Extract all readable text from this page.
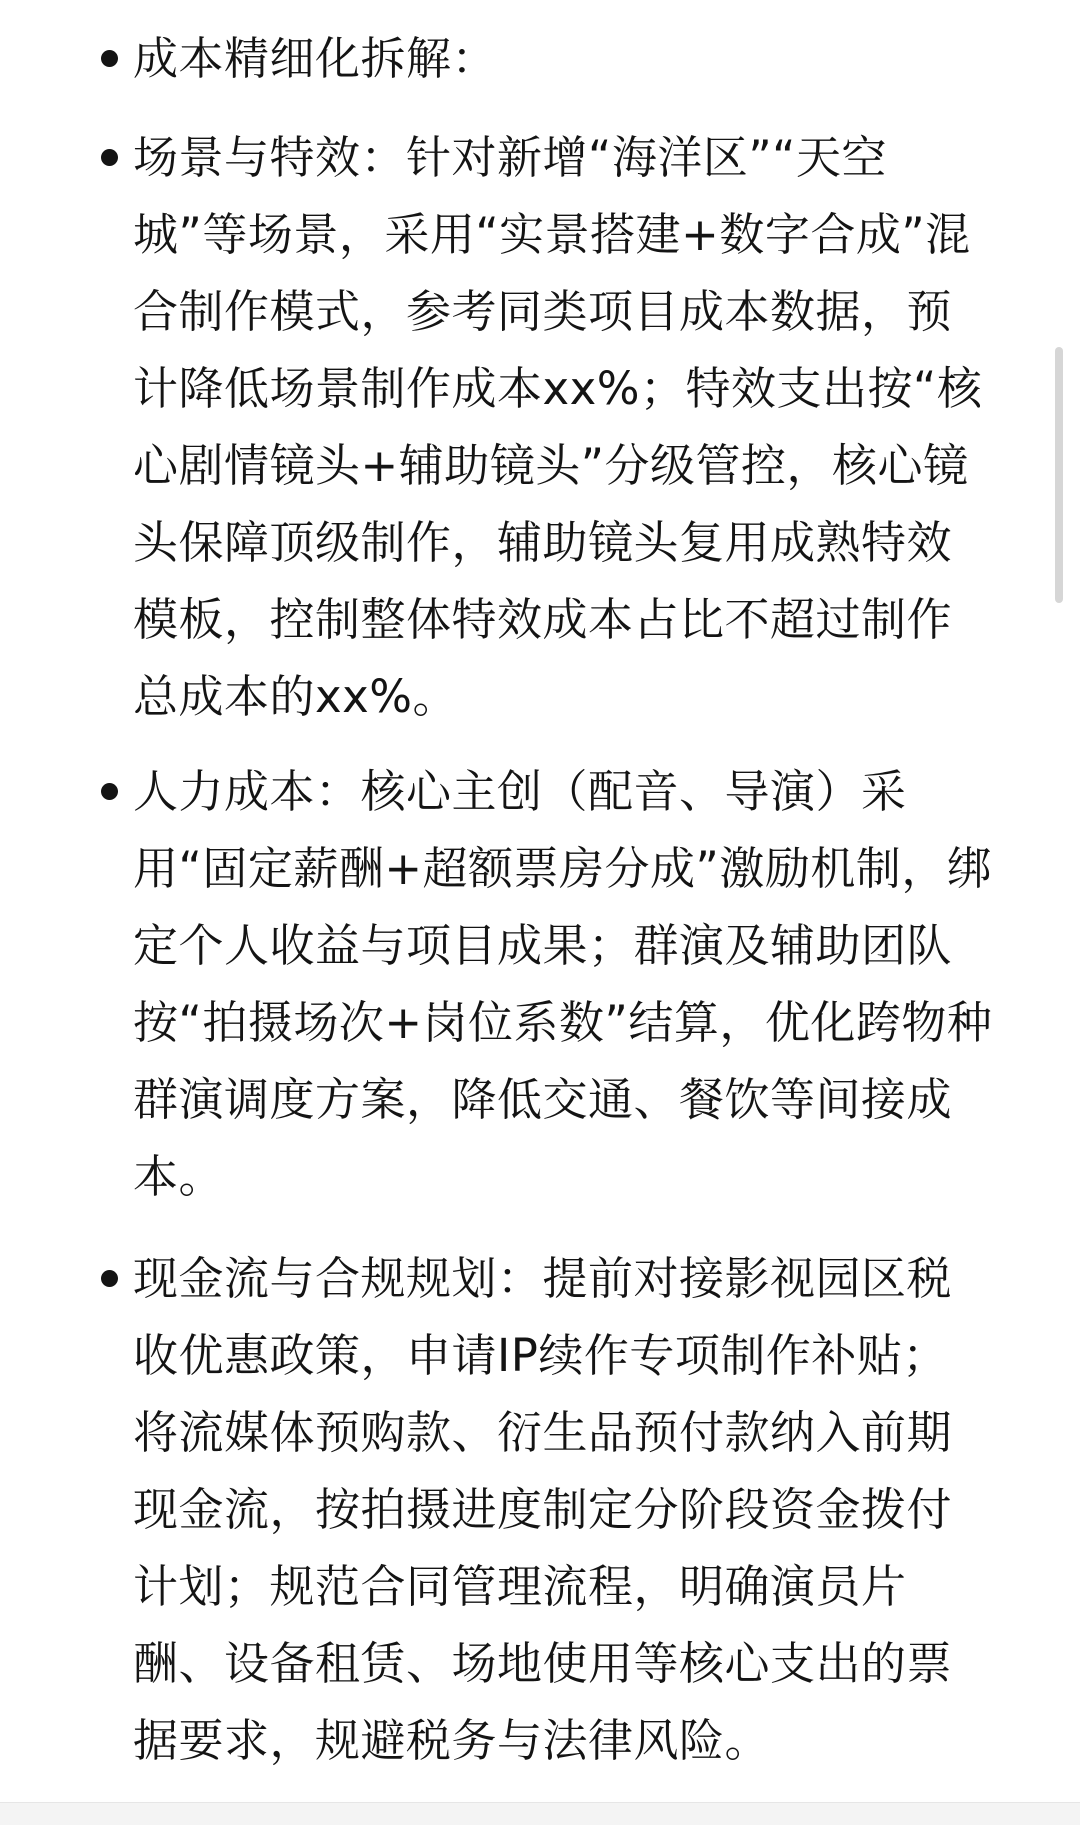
成本精细化拆解：
场景与特效：针对新增“海洋区”“天空城”等场景，采用“实景搭建+数字合成”混合制作模式，参考同类项目成本数据，预计降低场景制作成本xx%；特效支出按“核心剧情镜头+辅助镜头”分级管控，核心镜头保障顶级制作，辅助镜头复用成熟特效模板，控制整体特效成本占比不超过制作总成本的xx%。
人力成本：核心主创（配音、导演）采用“固定薪酬+超额票房分成”激励机制，绑定个人收益与项目成果；群演及辅助团队按“拍摄场次+岗位系数”结算，优化跨物种群演调度方案，降低交通、餐饮等间接成本。
现金流与合规规划：提前对接影视园区税收优惠政策，申请IP续作专项制作补贴；将流媒体预购款、衍生品预付款纳入前期现金流，按拍摄进度制定分阶段资金拨付计划；规范合同管理流程，明确演员片酬、设备租赁、场地使用等核心支出的票据要求，规避税务与法律风险。
